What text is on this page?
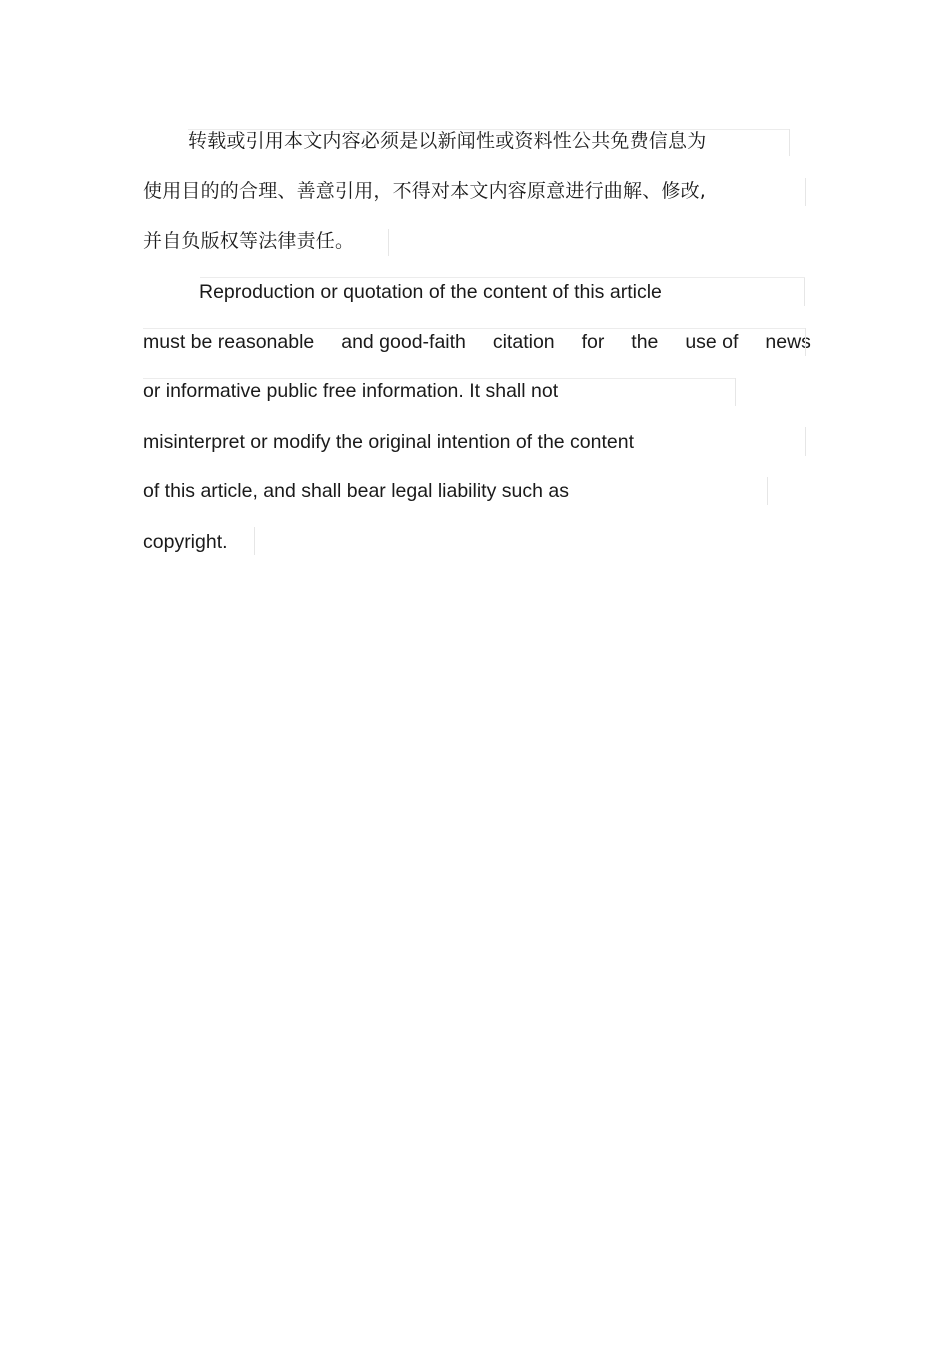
转载或引用本文内容必须是以新闻性或资料性公共免费信息为
使用目的的合理、善意引用，不得对本文内容原意进行曲解、修改,
并自负版权等法律责任。
Reproduction or quotation of the content of this article
must be reasonable and good-faith citation for the use of news
or informative public free information. It shall not
misinterpret or modify the original intention of the content
of this article, and shall bear legal liability such as
copyright.
